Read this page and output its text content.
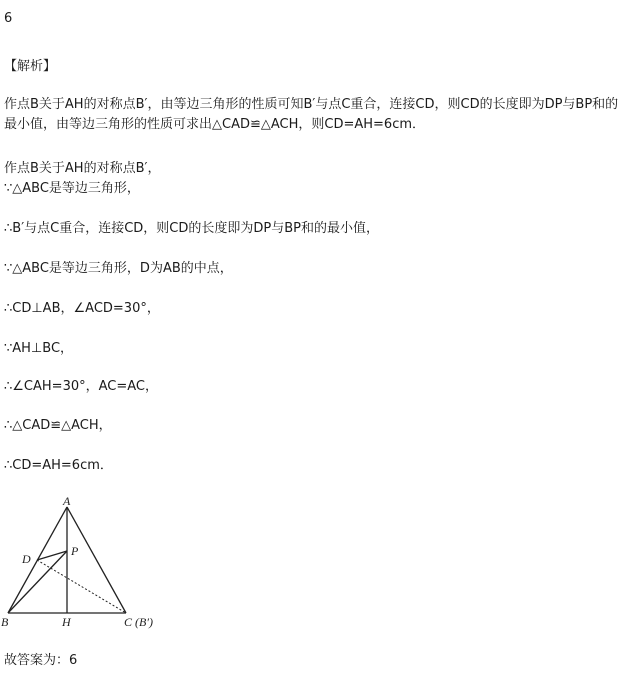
6
【解析】
作点B关于AH的对称点B′，由等边三角形的性质可知B′与点C重合，连接CD，则CD的长度即为DP与BP和的最小值，由等边三角形的性质可求出△CAD≌△ACH，则CD=AH=6cm．
作点B关于AH的对称点B′，
∵△ABC是等边三角形，
∴B′与点C重合，连接CD，则CD的长度即为DP与BP和的最小值，
∵△ABC是等边三角形，D为AB的中点，
∴CD⊥AB，∠ACD=30°，
∵AH⊥BC，
∴∠CAH=30°，AC=AC，
∴△CAD≌△ACH，
∴CD=AH=6cm．
A
B	C (B′)
D
P
H
故答案为：6
